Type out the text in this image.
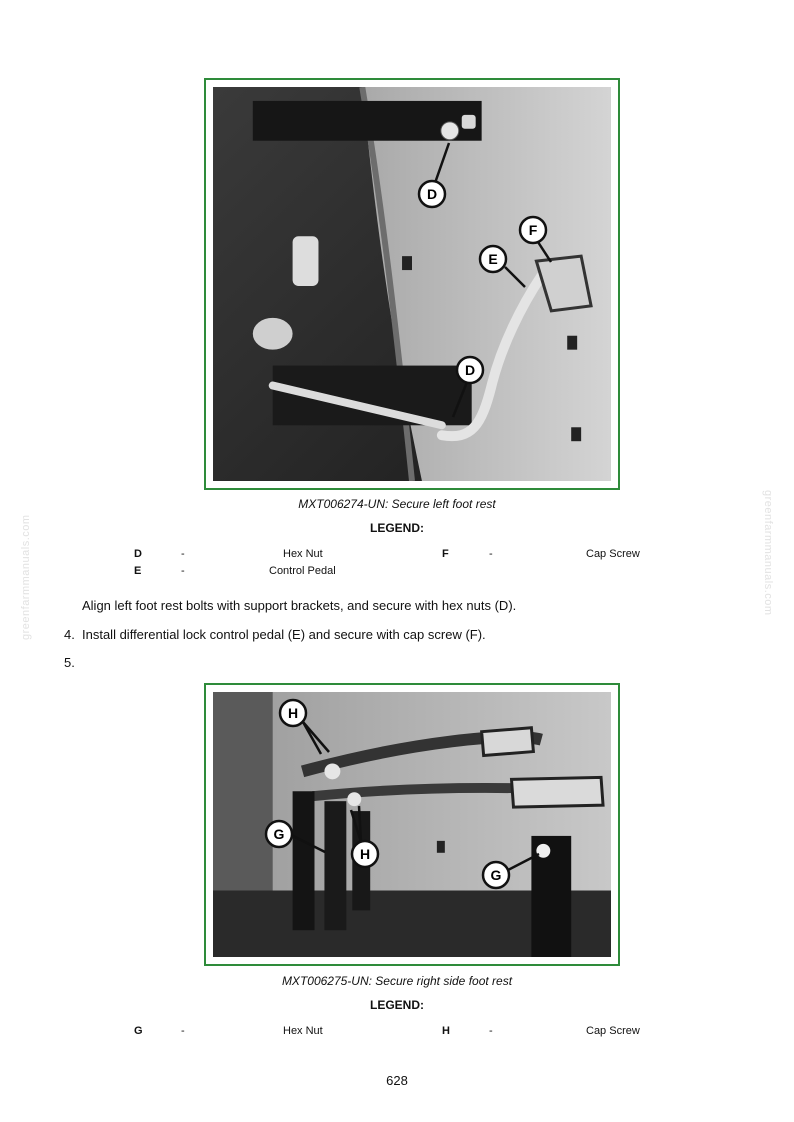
greenfarmmanuals.com	greenfarmmanuals.com
D
F
E
D
MXT006274-UN: Secure left foot rest
LEGEND:
D	-	Hex Nut	F	-	Cap Screw
E	-	Control Pedal
Align left foot rest bolts with support brackets, and secure with hex nuts (D).
4. Install differential lock control pedal (E) and secure with cap screw (F).
5.
H
G
H
G
MXT006275-UN: Secure right side foot rest
LEGEND:
G	-	Hex Nut	H	-	Cap Screw
628
